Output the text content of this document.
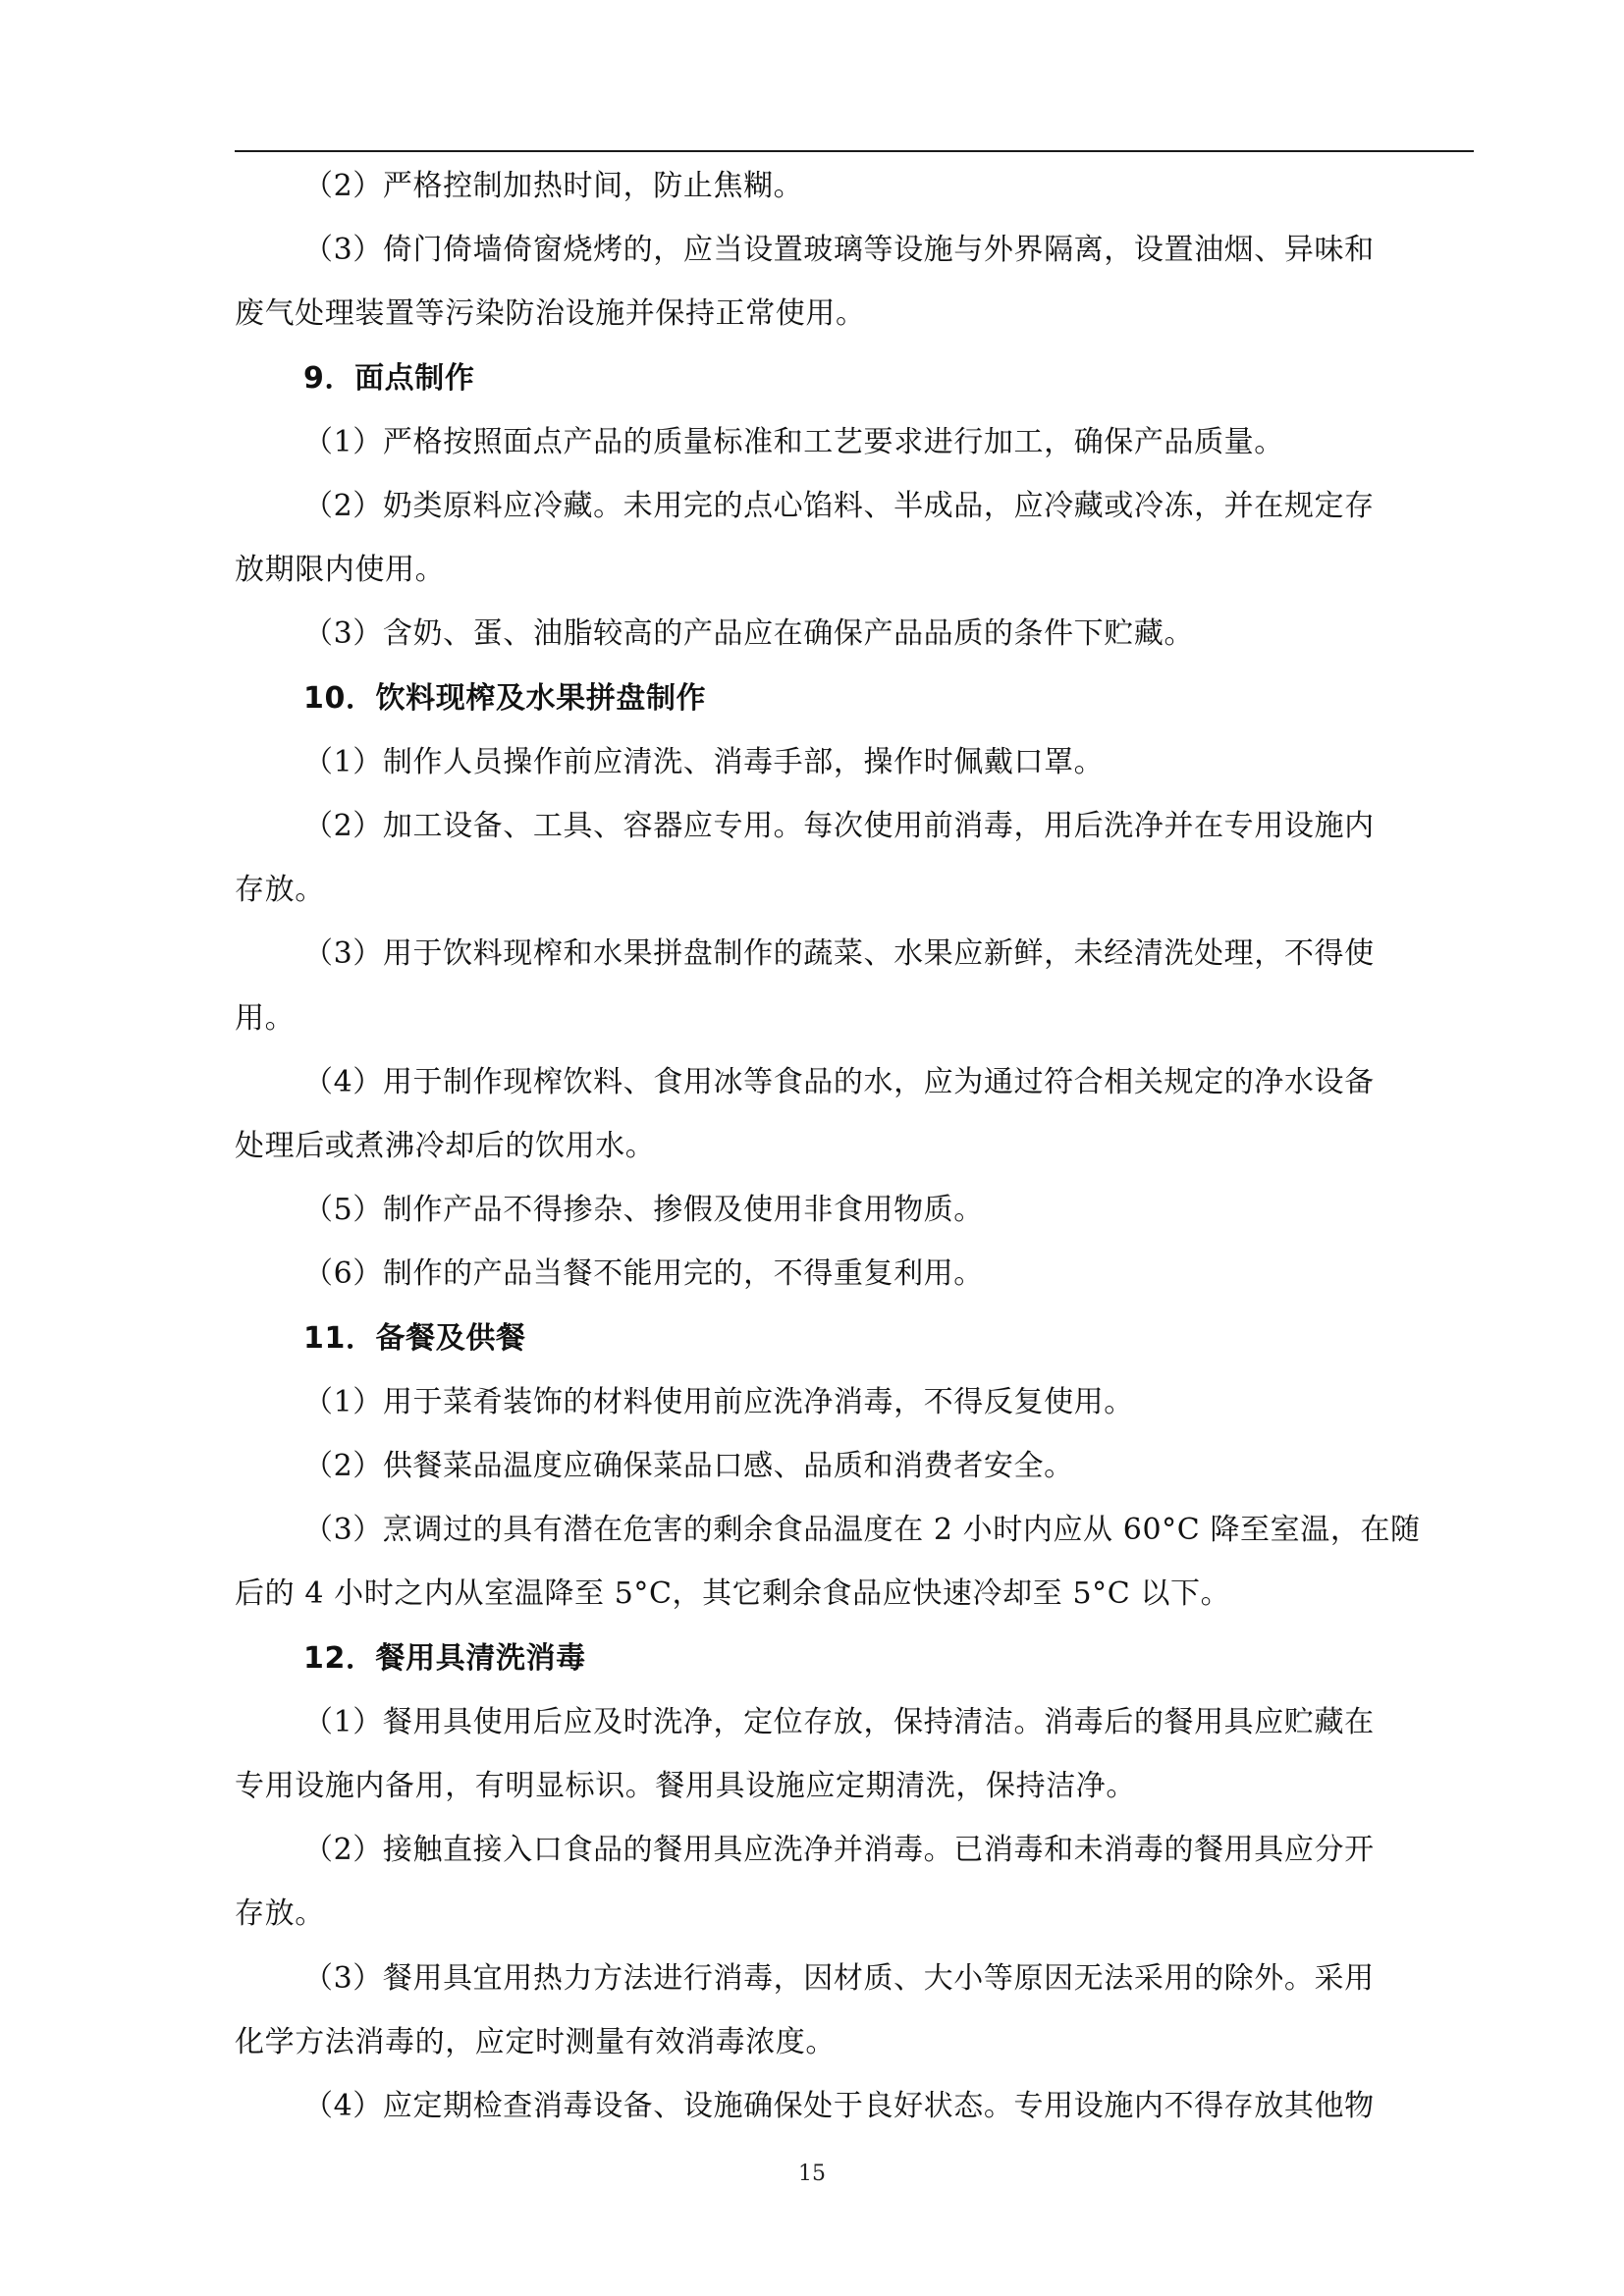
（2）严格控制加热时间，防止焦糊。
（3）倚门倚墙倚窗烧烤的，应当设置玻璃等设施与外界隔离，设置油烟、异味和
废气处理装置等污染防治设施并保持正常使用。
9．面点制作
（1）严格按照面点产品的质量标准和工艺要求进行加工，确保产品质量。
（2）奶类原料应冷藏。未用完的点心馅料、半成品，应冷藏或冷冻，并在规定存
放期限内使用。
（3）含奶、蛋、油脂较高的产品应在确保产品品质的条件下贮藏。
10．饮料现榨及水果拼盘制作
（1）制作人员操作前应清洗、消毒手部，操作时佩戴口罩。
（2）加工设备、工具、容器应专用。每次使用前消毒，用后洗净并在专用设施内
存放。
（3）用于饮料现榨和水果拼盘制作的蔬菜、水果应新鲜，未经清洗处理，不得使
用。
（4）用于制作现榨饮料、食用冰等食品的水，应为通过符合相关规定的净水设备
处理后或煮沸冷却后的饮用水。
（5）制作产品不得掺杂、掺假及使用非食用物质。
（6）制作的产品当餐不能用完的，不得重复利用。
11．备餐及供餐
（1）用于菜肴装饰的材料使用前应洗净消毒，不得反复使用。
（2）供餐菜品温度应确保菜品口感、品质和消费者安全。
（3）烹调过的具有潜在危害的剩余食品温度在 2 小时内应从 60°C 降至室温，在随
后的 4 小时之内从室温降至 5°C，其它剩余食品应快速冷却至 5°C 以下。
12．餐用具清洗消毒
（1）餐用具使用后应及时洗净，定位存放，保持清洁。消毒后的餐用具应贮藏在
专用设施内备用，有明显标识。餐用具设施应定期清洗，保持洁净。
（2）接触直接入口食品的餐用具应洗净并消毒。已消毒和未消毒的餐用具应分开
存放。
（3）餐用具宜用热力方法进行消毒，因材质、大小等原因无法采用的除外。采用
化学方法消毒的，应定时测量有效消毒浓度。
（4）应定期检查消毒设备、设施确保处于良好状态。专用设施内不得存放其他物
15
